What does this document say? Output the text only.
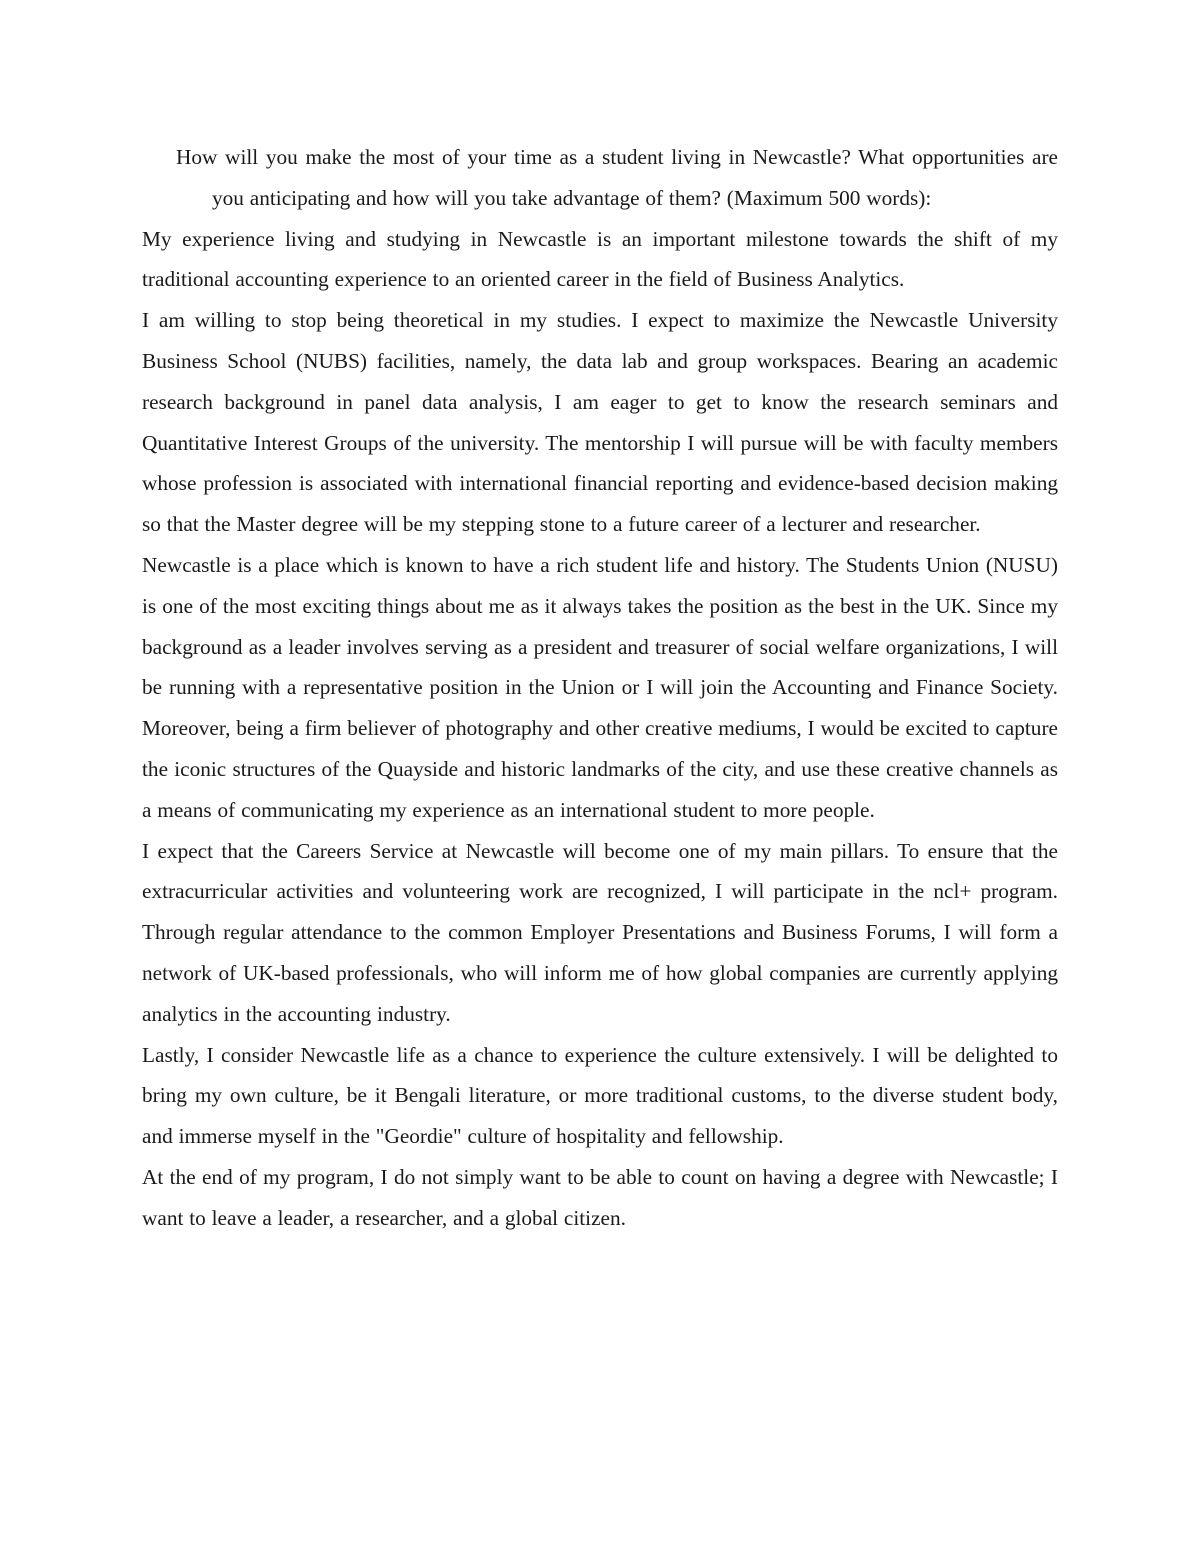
How will you make the most of your time as a student living in Newcastle? What opportunities are you anticipating and how will you take advantage of them? (Maximum 500 words):

My experience living and studying in Newcastle is an important milestone towards the shift of my traditional accounting experience to an oriented career in the field of Business Analytics.

I am willing to stop being theoretical in my studies. I expect to maximize the Newcastle University Business School (NUBS) facilities, namely, the data lab and group workspaces. Bearing an academic research background in panel data analysis, I am eager to get to know the research seminars and Quantitative Interest Groups of the university. The mentorship I will pursue will be with faculty members whose profession is associated with international financial reporting and evidence-based decision making so that the Master degree will be my stepping stone to a future career of a lecturer and researcher.

Newcastle is a place which is known to have a rich student life and history. The Students Union (NUSU) is one of the most exciting things about me as it always takes the position as the best in the UK. Since my background as a leader involves serving as a president and treasurer of social welfare organizations, I will be running with a representative position in the Union or I will join the Accounting and Finance Society. Moreover, being a firm believer of photography and other creative mediums, I would be excited to capture the iconic structures of the Quayside and historic landmarks of the city, and use these creative channels as a means of communicating my experience as an international student to more people.

I expect that the Careers Service at Newcastle will become one of my main pillars. To ensure that the extracurricular activities and volunteering work are recognized, I will participate in the ncl+ program. Through regular attendance to the common Employer Presentations and Business Forums, I will form a network of UK-based professionals, who will inform me of how global companies are currently applying analytics in the accounting industry.

Lastly, I consider Newcastle life as a chance to experience the culture extensively. I will be delighted to bring my own culture, be it Bengali literature, or more traditional customs, to the diverse student body, and immerse myself in the "Geordie" culture of hospitality and fellowship.

At the end of my program, I do not simply want to be able to count on having a degree with Newcastle; I want to leave a leader, a researcher, and a global citizen.
